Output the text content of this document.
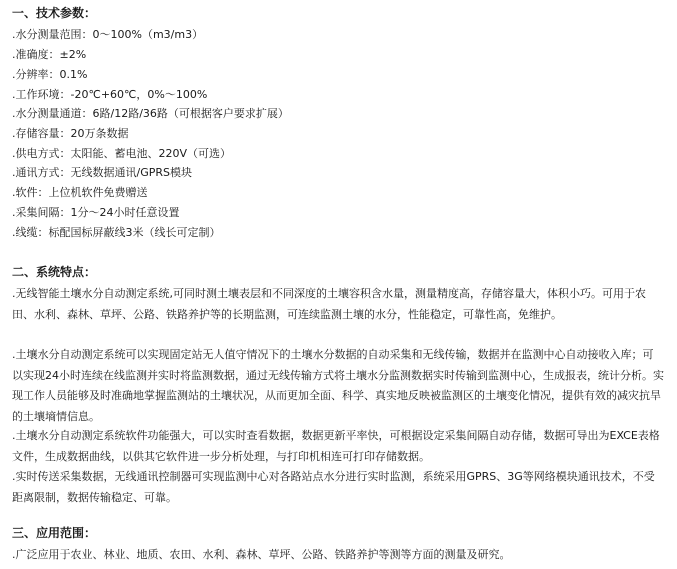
一、技术参数：
.水分测量范围：0～100%（m3/m3）
.准确度：±2%
.分辨率：0.1%
.工作环境：-20℃+60℃，0%～100%
.水分测量通道：6路/12路/36路（可根据客户要求扩展）
.存储容量：20万条数据
.供电方式：太阳能、蓄电池、220V（可选）
.通讯方式：无线数据通讯/GPRS模块
.软件：上位机软件免费赠送
.采集间隔：1分～24小时任意设置
.线缆：标配国标屏蔽线3米（线长可定制）
二、系统特点：
.无线智能土壤水分自动测定系统,可同时测土壤表层和不同深度的土壤容积含水量，测量精度高，存储容量大，体积小巧。可用于农田、水利、森林、草坪、公路、铁路养护等的长期监测，可连续监测土壤的水分，性能稳定，可靠性高，免维护。
.土壤水分自动测定系统可以实现固定站无人值守情况下的土壤水分数据的自动采集和无线传输，数据并在监测中心自动接收入库；可以实现24小时连续在线监测并实时将监测数据，通过无线传输方式将土壤水分监测数据实时传输到监测中心，生成报表，统计分析。实现工作人员能够及时准确地掌握监测站的土壤状况，从而更加全面、科学、真实地反映被监测区的土壤变化情况，提供有效的减灾抗旱的土壤墒情信息。
.土壤水分自动测定系统软件功能强大，可以实时查看数据，数据更新平率快，可根据设定采集间隔自动存储，数据可导出为EXCE表格文件，生成数据曲线，以供其它软件进一步分析处理，与打印机相连可打印存储数据。
.实时传送采集数据，无线通讯控制器可实现监测中心对各路站点水分进行实时监测，系统采用GPRS、3G等网络模块通讯技术，不受距离限制，数据传输稳定、可靠。
三、应用范围：
.广泛应用于农业、林业、地质、农田、水利、森林、草坪、公路、铁路养护等测等方面的测量及研究。
